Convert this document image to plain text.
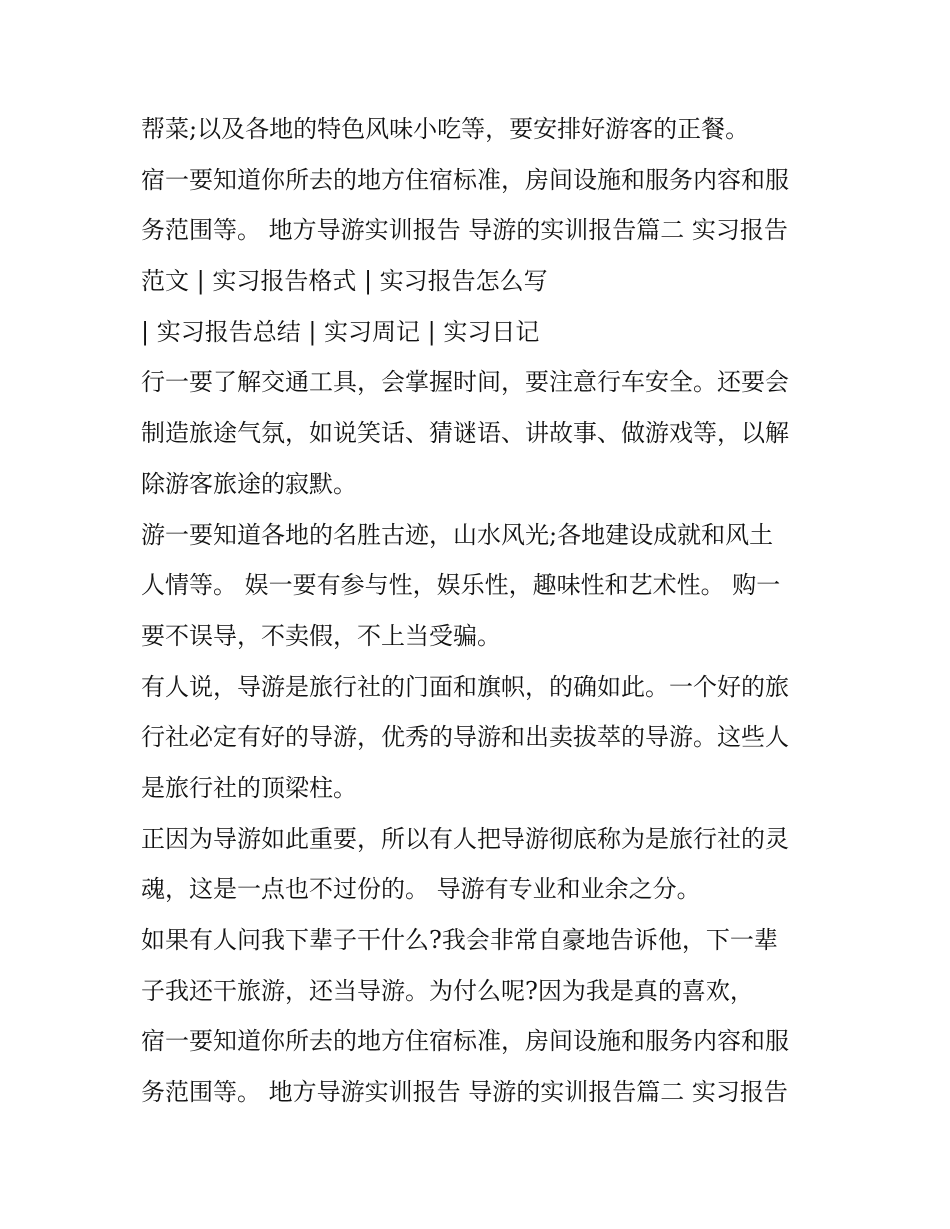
帮菜;以及各地的特色风味小吃等，要安排好游客的正餐。
宿一要知道你所去的地方住宿标准，房间设施和服务内容和服
务范围等。 地方导游实训报告 导游的实训报告篇二 实习报告
范文 | 实习报告格式 | 实习报告怎么写
| 实习报告总结 | 实习周记 | 实习日记
行一要了解交通工具，会掌握时间，要注意行车安全。还要会
制造旅途气氛，如说笑话、猜谜语、讲故事、做游戏等，以解
除游客旅途的寂默。
游一要知道各地的名胜古迹，山水风光;各地建设成就和风土
人情等。 娱一要有参与性，娱乐性，趣味性和艺术性。 购一
要不误导，不卖假，不上当受骗。
有人说，导游是旅行社的门面和旗帜，的确如此。一个好的旅
行社必定有好的导游，优秀的导游和出卖拔萃的导游。这些人
是旅行社的顶梁柱。
正因为导游如此重要，所以有人把导游彻底称为是旅行社的灵
魂，这是一点也不过份的。 导游有专业和业余之分。
如果有人问我下辈子干什么?我会非常自豪地告诉他，下一辈
子我还干旅游，还当导游。为付么呢?因为我是真的喜欢，
宿一要知道你所去的地方住宿标准，房间设施和服务内容和服
务范围等。 地方导游实训报告 导游的实训报告篇二 实习报告
